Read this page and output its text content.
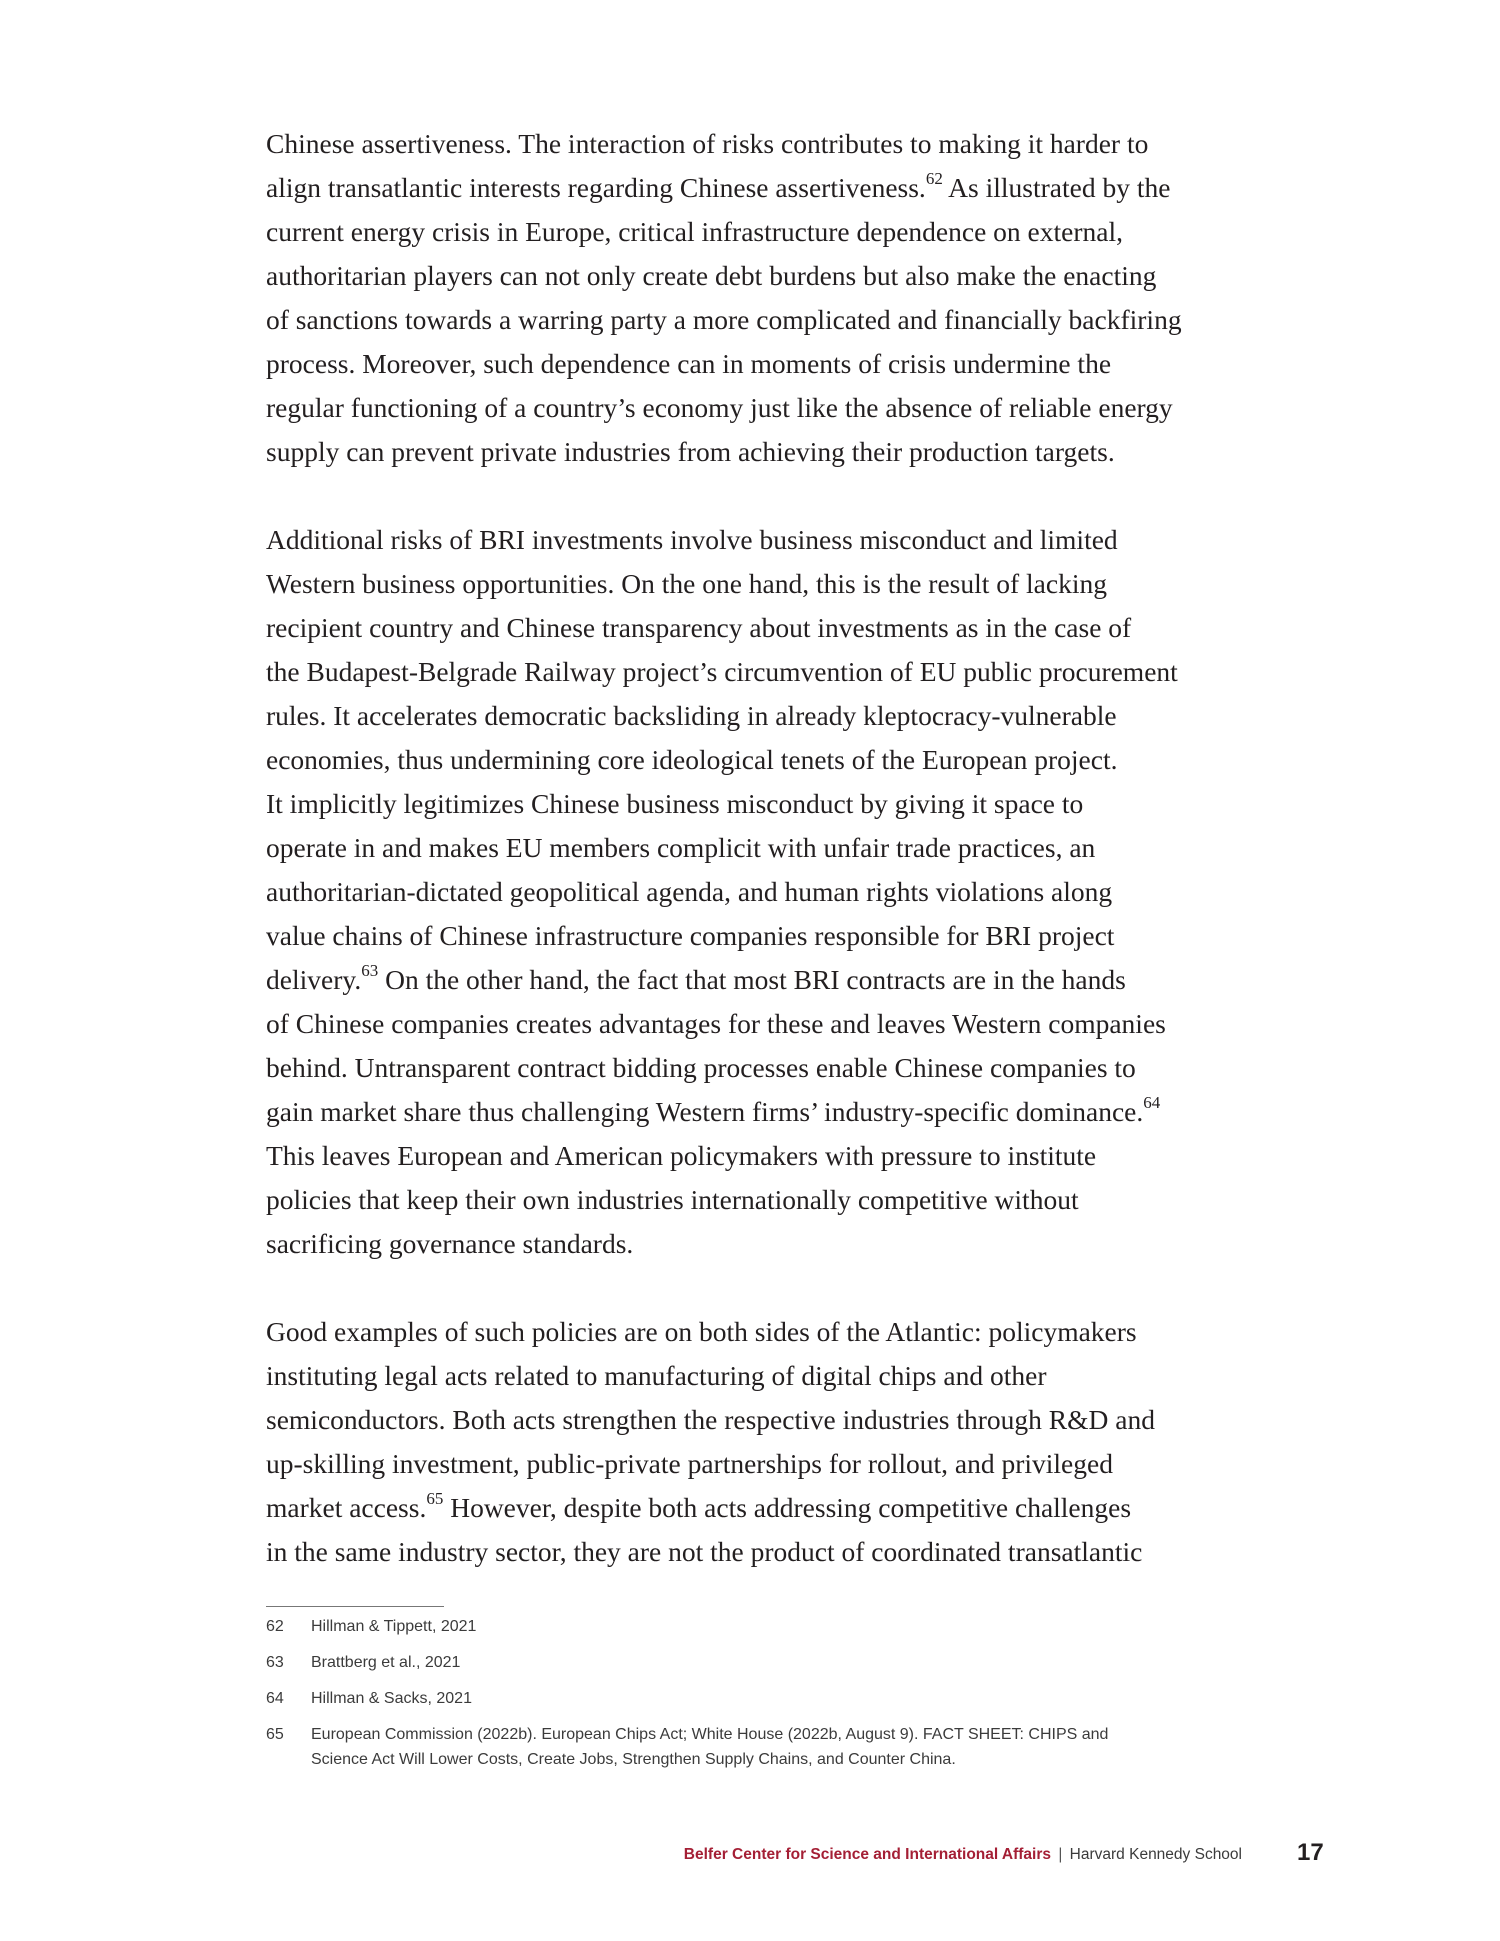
Chinese assertiveness. The interaction of risks contributes to making it harder to
align transatlantic interests regarding Chinese assertiveness.$^{62}$ As illustrated by the
current energy crisis in Europe, critical infrastructure dependence on external,
authoritarian players can not only create debt burdens but also make the enacting
of sanctions towards a warring party a more complicated and financially backfiring
process. Moreover, such dependence can in moments of crisis undermine the
regular functioning of a country’s economy just like the absence of reliable energy
supply can prevent private industries from achieving their production targets.

Additional risks of BRI investments involve business misconduct and limited
Western business opportunities. On the one hand, this is the result of lacking
recipient country and Chinese transparency about investments as in the case of
the Budapest-Belgrade Railway project’s circumvention of EU public procurement
rules. It accelerates democratic backsliding in already kleptocracy-vulnerable
economies, thus undermining core ideological tenets of the European project.
It implicitly legitimizes Chinese business misconduct by giving it space to
operate in and makes EU members complicit with unfair trade practices, an
authoritarian-dictated geopolitical agenda, and human rights violations along
value chains of Chinese infrastructure companies responsible for BRI project
delivery.$^{63}$ On the other hand, the fact that most BRI contracts are in the hands
of Chinese companies creates advantages for these and leaves Western companies
behind. Untransparent contract bidding processes enable Chinese companies to
gain market share thus challenging Western firms’ industry-specific dominance.$^{64}$
This leaves European and American policymakers with pressure to institute
policies that keep their own industries internationally competitive without
sacrificing governance standards.

Good examples of such policies are on both sides of the Atlantic: policymakers
instituting legal acts related to manufacturing of digital chips and other
semiconductors. Both acts strengthen the respective industries through R&D and
up-skilling investment, public-private partnerships for rollout, and privileged
market access.$^{65}$ However, despite both acts addressing competitive challenges
in the same industry sector, they are not the product of coordinated transatlantic

62	Hillman & Tippett, 2021
63	Brattberg et al., 2021
64	Hillman & Sacks, 2021
65	European Commission (2022b). European Chips Act; White House (2022b, August 9). FACT SHEET: CHIPS and
Science Act Will Lower Costs, Create Jobs, Strengthen Supply Chains, and Counter China.
Belfer Center for Science and International Affairs | Harvard Kennedy School 17
